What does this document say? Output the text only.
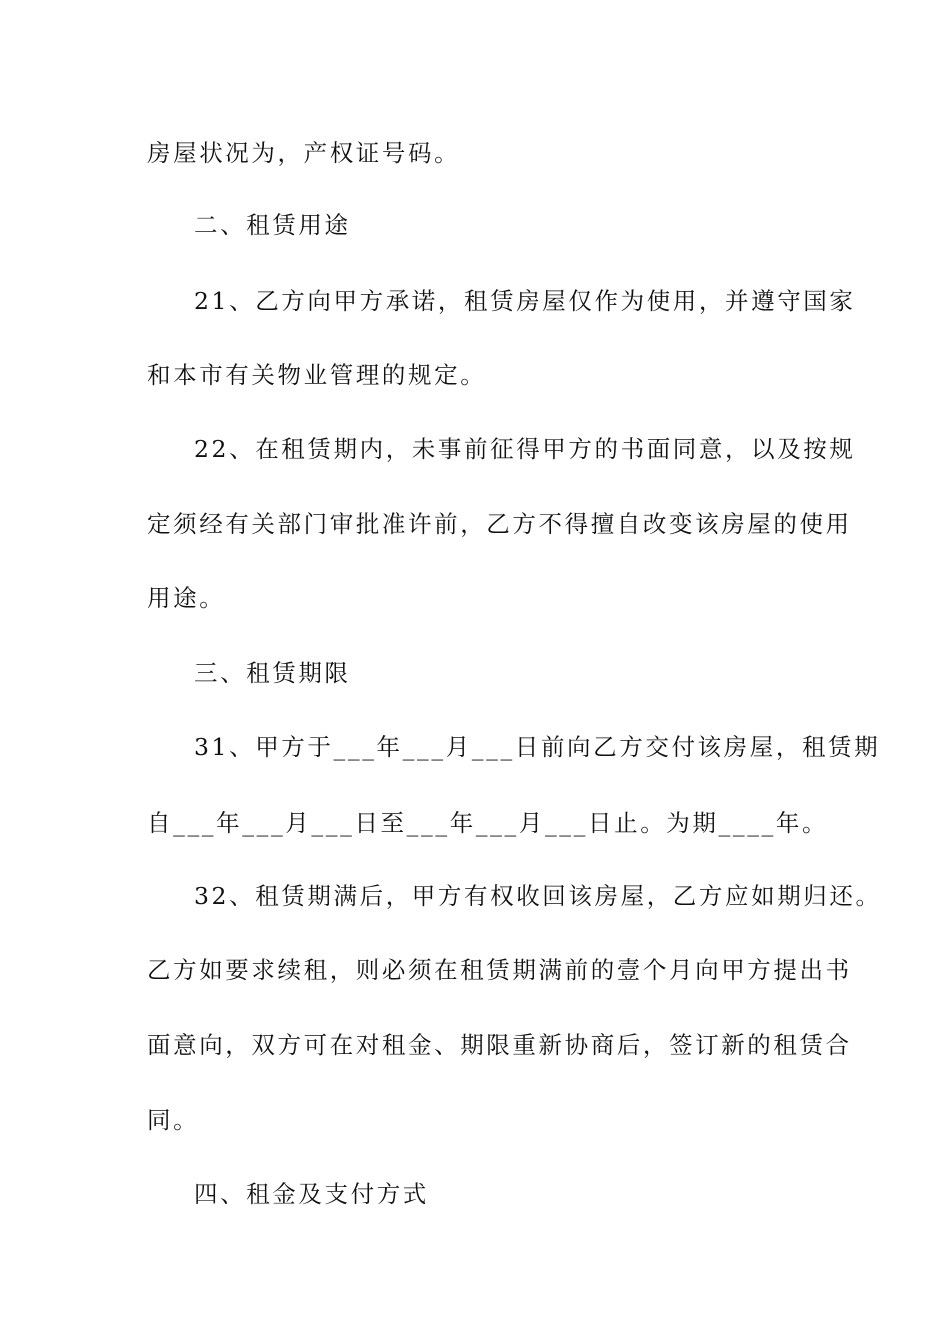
房屋状况为，产权证号码。
二、租赁用途
21、乙方向甲方承诺，租赁房屋仅作为使用，并遵守国家
和本市有关物业管理的规定。
22、在租赁期内，未事前征得甲方的书面同意，以及按规
定须经有关部门审批准许前，乙方不得擅自改变该房屋的使用
用途。
三、租赁期限
31、甲方于___年___月___日前向乙方交付该房屋，租赁期
自___年___月___日至___年___月___日止。为期____年。
32、租赁期满后，甲方有权收回该房屋，乙方应如期归还。
乙方如要求续租，则必须在租赁期满前的壹个月向甲方提出书
面意向，双方可在对租金、期限重新协商后，签订新的租赁合
同。
四、租金及支付方式
